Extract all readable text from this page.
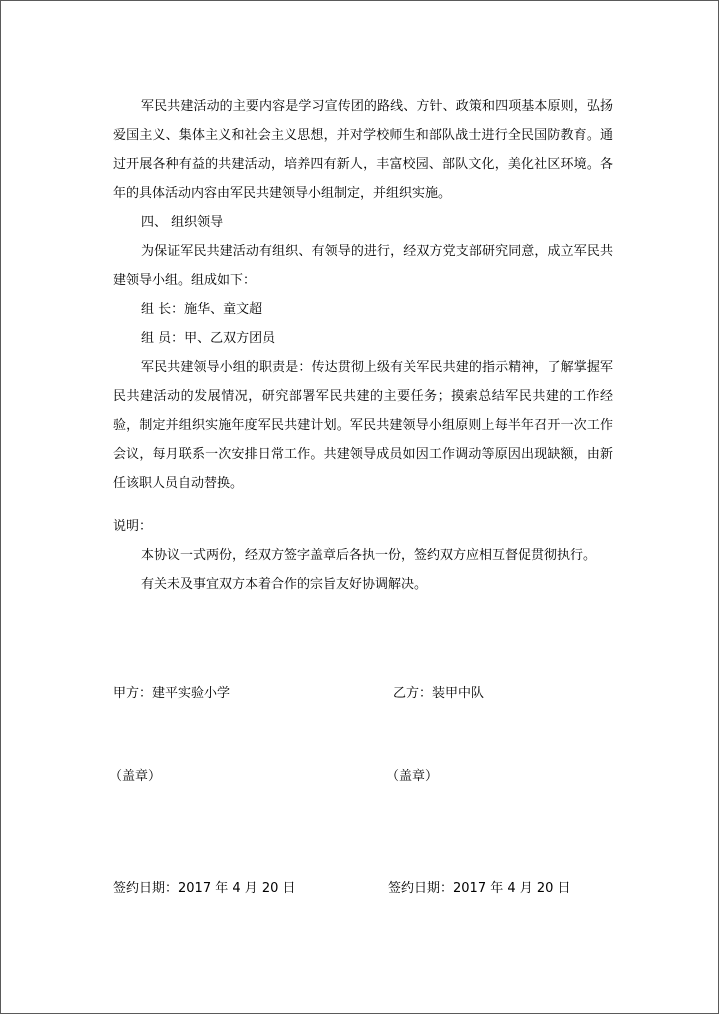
军民共建活动的主要内容是学习宣传团的路线、方针、政策和四项基本原则，弘扬爱国主义、集体主义和社会主义思想，并对学校师生和部队战士进行全民国防教育。通过开展各种有益的共建活动，培养四有新人，丰富校园、部队文化，美化社区环境。各年的具体活动内容由军民共建领导小组制定，并组织实施。

四、 组织领导

为保证军民共建活动有组织、有领导的进行，经双方党支部研究同意，成立军民共建领导小组。组成如下：

组 长：施华、童文超

组 员：甲、乙双方团员

军民共建领导小组的职责是：传达贯彻上级有关军民共建的指示精神，了解掌握军民共建活动的发展情况，研究部署军民共建的主要任务；摸索总结军民共建的工作经验，制定并组织实施年度军民共建计划。军民共建领导小组原则上每半年召开一次工作会议，每月联系一次安排日常工作。共建领导成员如因工作调动等原因出现缺额，由新任该职人员自动替换。

说明：

本协议一式两份，经双方签字盖章后各执一份，签约双方应相互督促贯彻执行。

有关未及事宜双方本着合作的宗旨友好协调解决。

甲方：建平实验小学	乙方：装甲中队
（盖章）	（盖章）
签约日期：2017 年 4 月 20 日	签约日期：2017 年 4 月 20 日
